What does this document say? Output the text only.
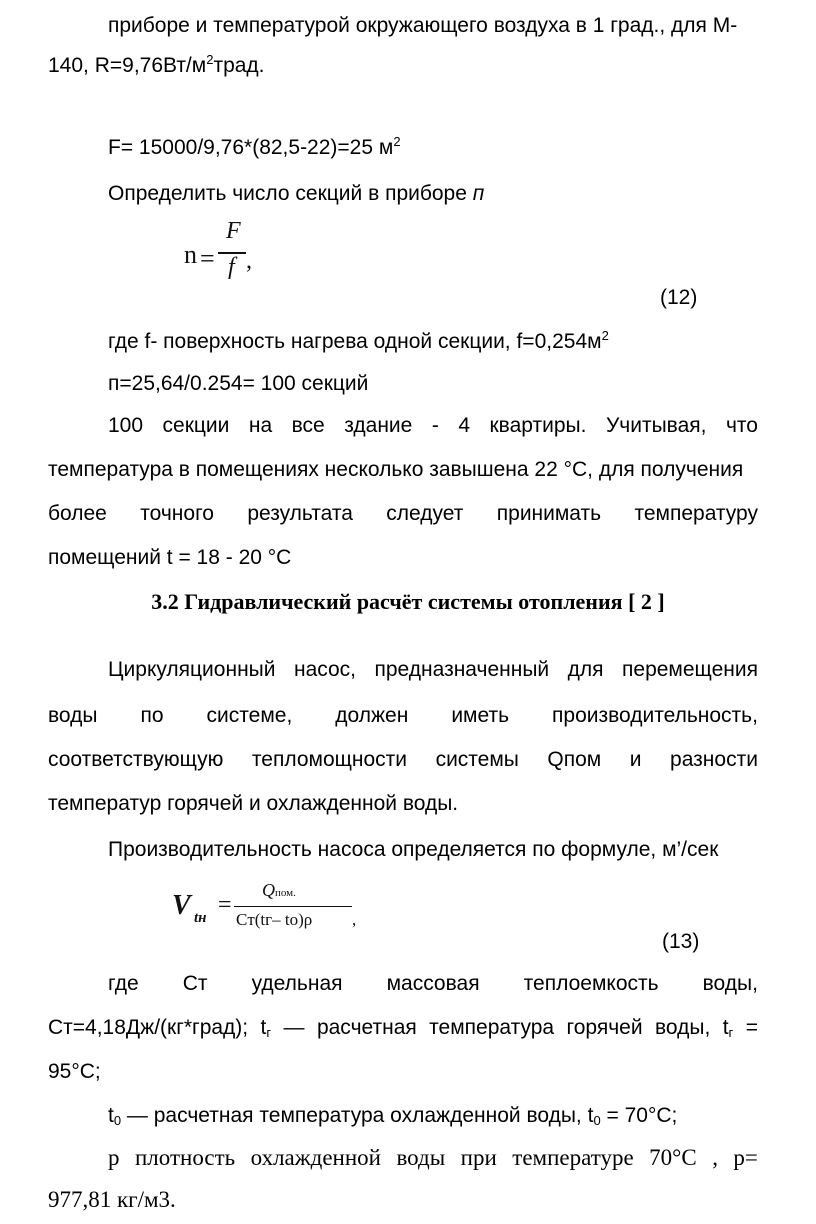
приборе и температурой окружающего воздуха в 1 град., для М-
140, $R=9,76Вт/м^2трад$.
F= 15000/9,76*(82,5-22)=25 $м^2$
Определить число секций в приборе п
n =
F
f ,
(12)
где f- поверхность нагрева одной секции, $f=0,254м^2$
п=25,64/0.254= 100 секций
100 секции на все здание - 4 квартиры. Учитывая, что
температура в помещениях несколько завышена 22 °С, для получения
более точного результата следует принимать температуру
помещений t = 18 - 20 °С
3.2 Гидравлический расчёт системы отопления [ 2 ]
Циркуляционный насос, предназначенный для перемещения
воды по системе, должен иметь производительность,
соответствующую тепломощности системы Qпом и разности
температур горячей и охлажденной воды.
Производительность насоса определяется по формуле, м’/сек
V tн =
Qпом.
Cт(tг– tо)ρ ,
(13)
где Ст удельная массовая теплоемкость воды,
Ст=4,18Дж/(кг*град); tг — расчетная температура горячей воды, tг =
95°С;
t0 — расчетная температура охлажденной воды, t0 = 70°С;
р плотность охлажденной воды при температуре 70°С , р=
977,81 кг/м3.
